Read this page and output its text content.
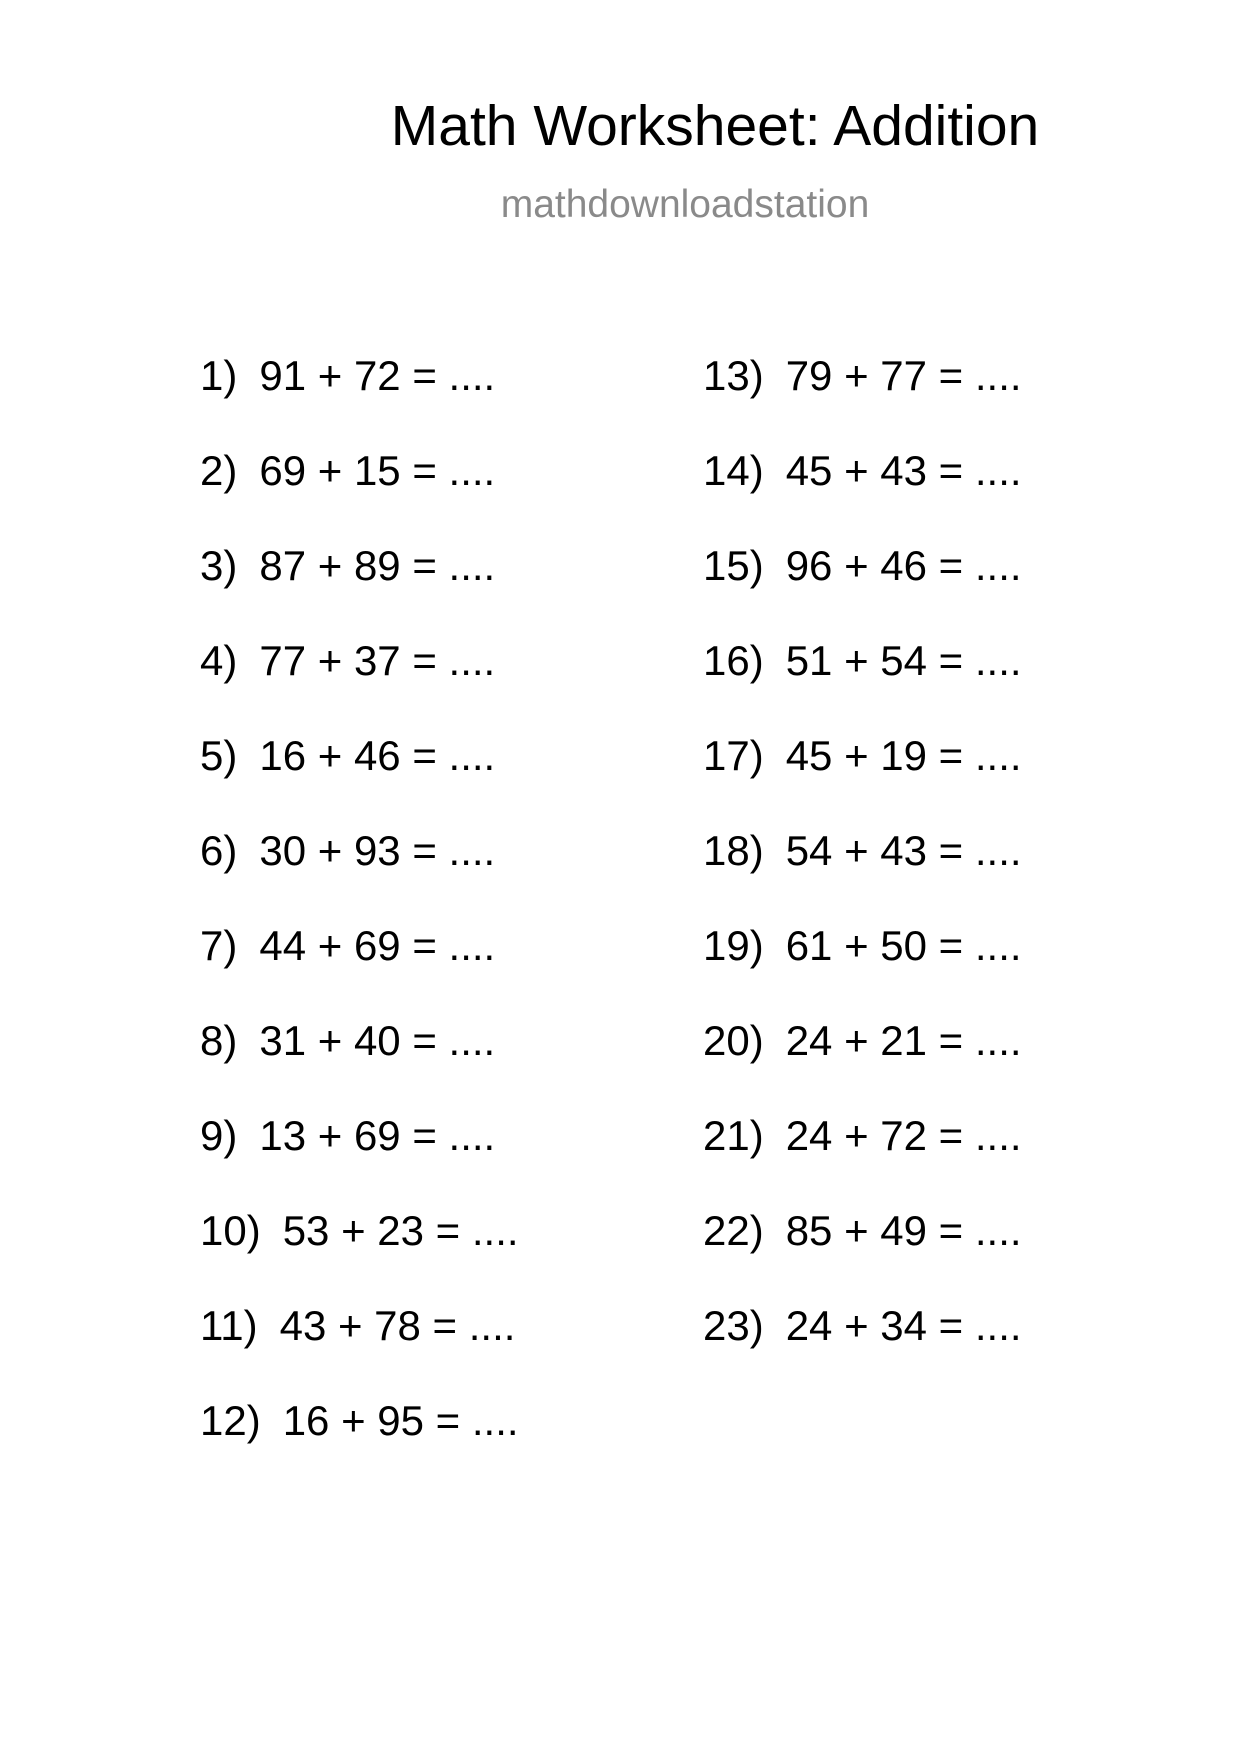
Math Worksheet: Addition
mathdownloadstation
1) 91 + 72 = ....
2) 69 + 15 = ....
3) 87 + 89 = ....
4) 77 + 37 = ....
5) 16 + 46 = ....
6) 30 + 93 = ....
7) 44 + 69 = ....
8) 31 + 40 = ....
9) 13 + 69 = ....
10) 53 + 23 = ....
11) 43 + 78 = ....
12) 16 + 95 = ....
13) 79 + 77 = ....
14) 45 + 43 = ....
15) 96 + 46 = ....
16) 51 + 54 = ....
17) 45 + 19 = ....
18) 54 + 43 = ....
19) 61 + 50 = ....
20) 24 + 21 = ....
21) 24 + 72 = ....
22) 85 + 49 = ....
23) 24 + 34 = ....
